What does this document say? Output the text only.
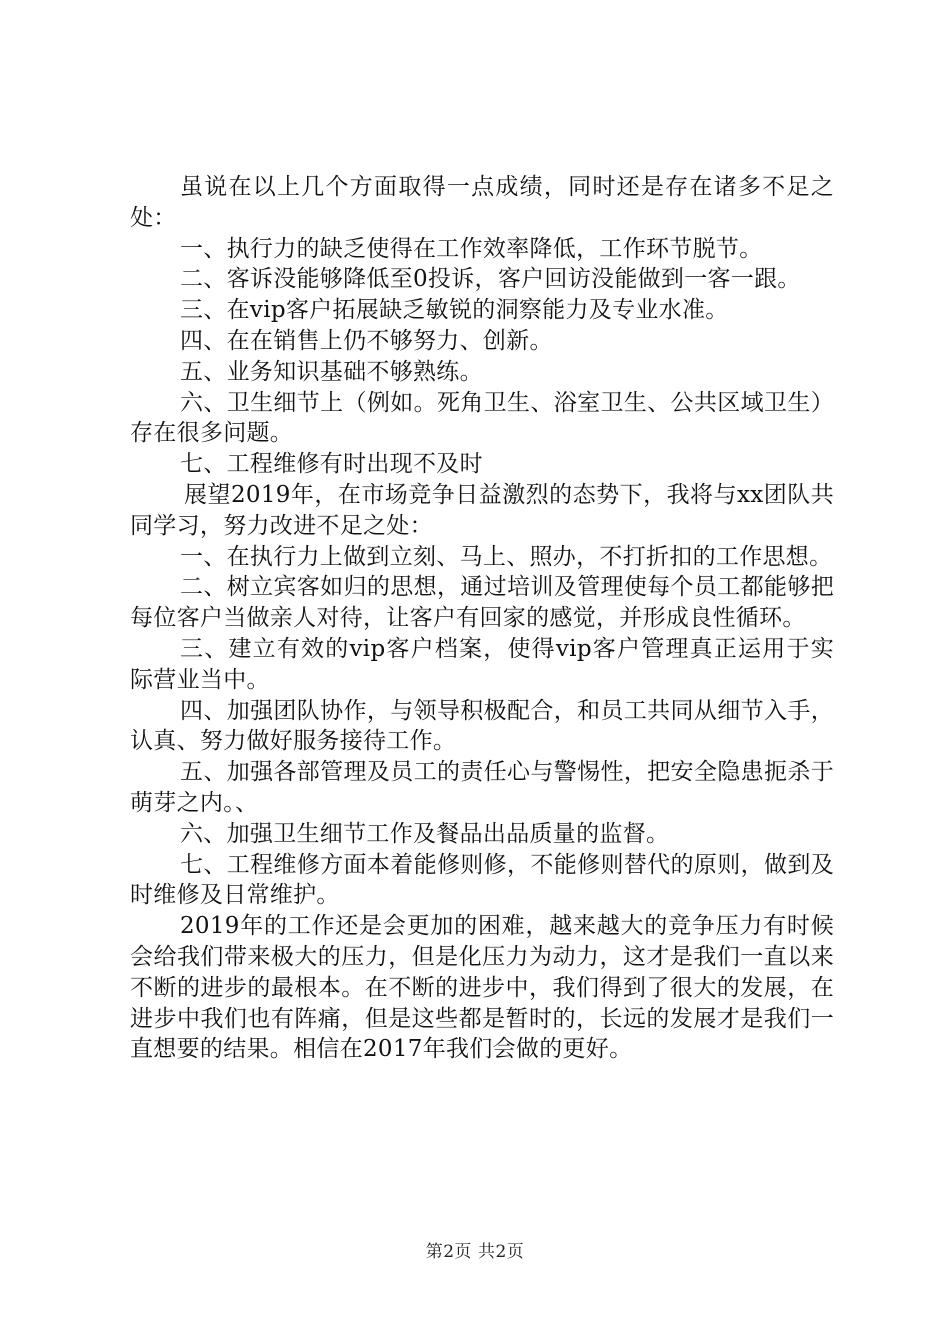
虽说在以上几个方面取得一点成绩，同时还是存在诸多不足之处：

一、执行力的缺乏使得在工作效率降低，工作环节脱节。

二、客诉没能够降低至0投诉，客户回访没能做到一客一跟。

三、在vip客户拓展缺乏敏锐的洞察能力及专业水准。

四、在在销售上仍不够努力、创新。

五、业务知识基础不够熟练。

六、卫生细节上（例如。死角卫生、浴室卫生、公共区域卫生）存在很多问题。

七、工程维修有时出现不及时

展望2019年，在市场竞争日益激烈的态势下，我将与xx团队共同学习，努力改进不足之处：

一、在执行力上做到立刻、马上、照办，不打折扣的工作思想。

二、树立宾客如归的思想，通过培训及管理使每个员工都能够把每位客户当做亲人对待，让客户有回家的感觉，并形成良性循环。

三、建立有效的vip客户档案，使得vip客户管理真正运用于实际营业当中。

四、加强团队协作，与领导积极配合，和员工共同从细节入手，认真、努力做好服务接待工作。

五、加强各部管理及员工的责任心与警惕性，把安全隐患扼杀于萌芽之内。、

六、加强卫生细节工作及餐品出品质量的监督。

七、工程维修方面本着能修则修，不能修则替代的原则，做到及时维修及日常维护。

2019年的工作还是会更加的困难，越来越大的竞争压力有时候会给我们带来极大的压力，但是化压力为动力，这才是我们一直以来不断的进步的最根本。在不断的进步中，我们得到了很大的发展，在进步中我们也有阵痛，但是这些都是暂时的，长远的发展才是我们一直想要的结果。相信在2017年我们会做的更好。

第2页 共2页
